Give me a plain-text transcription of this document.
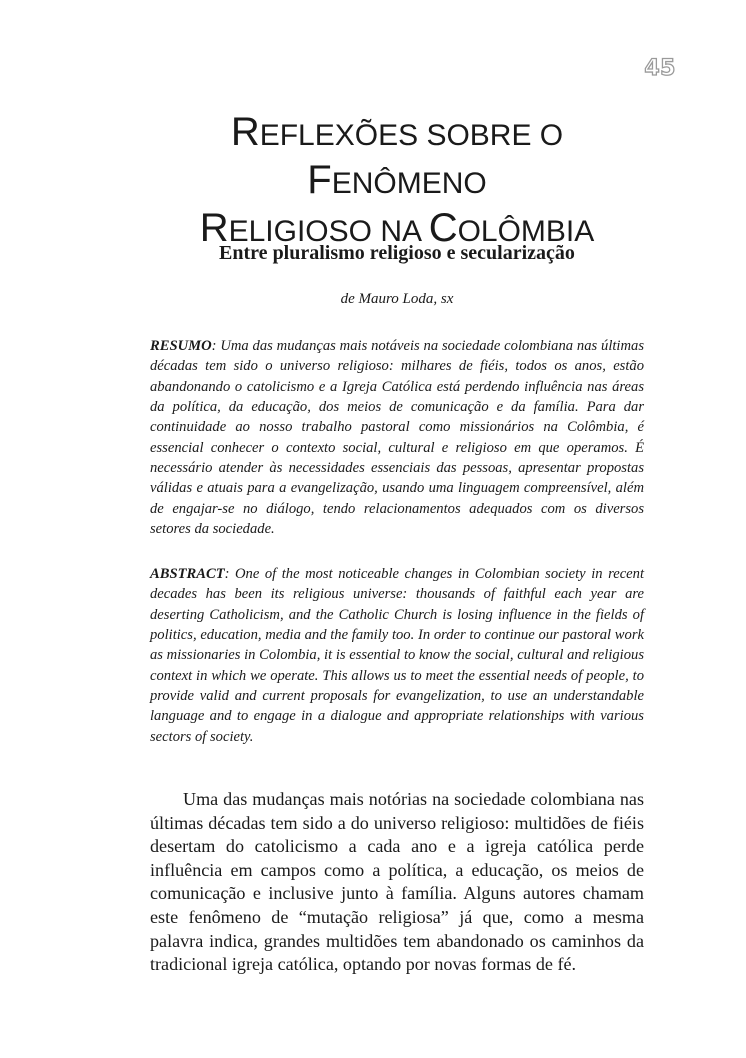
45
REFLEXÕES SOBRE O FENÔMENO
RELIGIOSO NA COLÔMBIA
Entre pluralismo religioso e secularização
de Mauro Loda, sx

RESUMO: Uma das mudanças mais notáveis na sociedade colombiana nas últimas décadas tem sido o universo religioso: milhares de fiéis, todos os anos, estão abandonando o catolicismo e a Igreja Católica está perdendo influência nas áreas da política, da educação, dos meios de comunicação e da família. Para dar continuidade ao nosso trabalho pastoral como missionários na Colômbia, é essencial conhecer o contexto social, cultural e religioso em que operamos. É necessário atender às necessidades essenciais das pessoas, apresentar propostas válidas e atuais para a evangelização, usando uma linguagem compreensível, além de engajar-se no diálogo, tendo relacionamentos adequados com os diversos setores da sociedade.

ABSTRACT: One of the most noticeable changes in Colombian society in recent decades has been its religious universe: thousands of faithful each year are deserting Catholicism, and the Catholic Church is losing influence in the fields of politics, education, media and the family too. In order to continue our pastoral work as missionaries in Colombia, it is essential to know the social, cultural and religious context in which we operate. This allows us to meet the essential needs of people, to provide valid and current proposals for evangelization, to use an understandable language and to engage in a dialogue and appropriate relationships with various sectors of society.

Uma das mudanças mais notórias na sociedade colombiana nas últimas décadas tem sido a do universo religioso: multidões de fiéis desertam do catolicismo a cada ano e a igreja católica perde influência em campos como a política, a educação, os meios de comunicação e inclusive junto à família. Alguns autores chamam este fenômeno de “mutação religiosa” já que, como a mesma palavra indica, grandes multidões tem abandonado os caminhos da tradicional igreja católica, optando por novas formas de fé.
